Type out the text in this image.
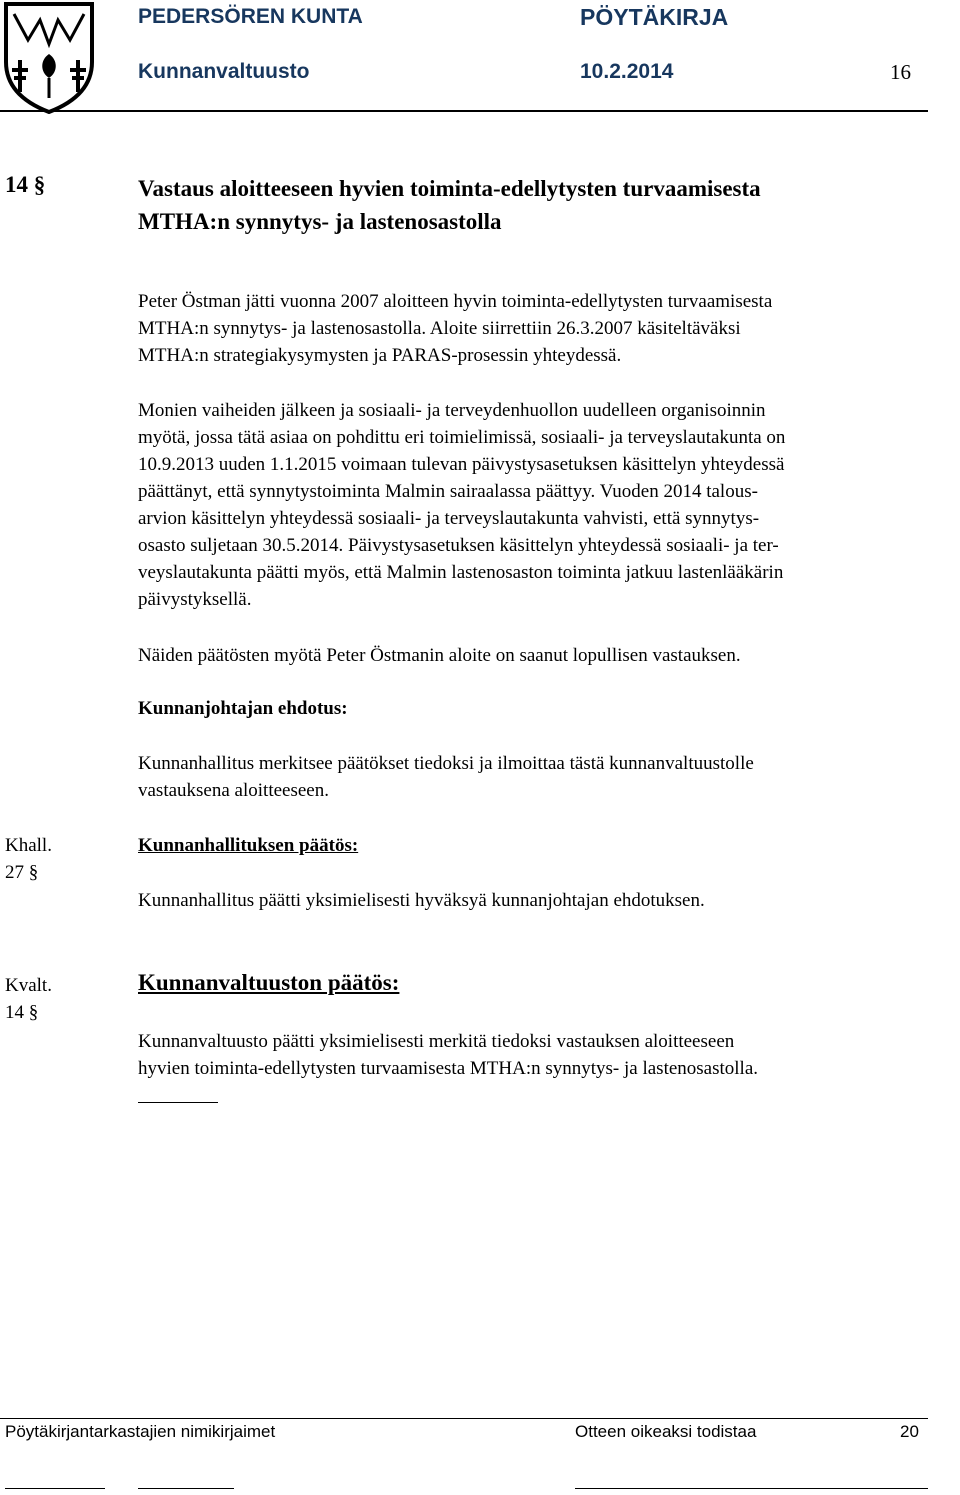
PEDERSÖREN KUNTA	PÖYTÄKIRJA
Kunnanvaltuusto	10.2.2014	16
14 §	Vastaus aloitteeseen hyvien toiminta-edellytysten turvaamisesta
MTHA:n synnytys- ja lastenosastolla
Peter Östman jätti vuonna 2007 aloitteen hyvin toiminta-edellytysten turvaamisesta
MTHA:n synnytys- ja lastenosastolla. Aloite siirrettiin 26.3.2007 käsiteltäväksi
MTHA:n strategiakysymysten ja PARAS-prosessin yhteydessä.
Monien vaiheiden jälkeen ja sosiaali- ja terveydenhuollon uudelleen organisoinnin
myötä, jossa tätä asiaa on pohdittu eri toimielimissä, sosiaali- ja terveyslautakunta on
10.9.2013 uuden 1.1.2015 voimaan tulevan päivystysasetuksen käsittelyn yhteydessä
päättänyt, että synnytystoiminta Malmin sairaalassa päättyy. Vuoden 2014 talous-
arvion käsittelyn yhteydessä sosiaali- ja terveyslautakunta vahvisti, että synnytys-
osasto suljetaan 30.5.2014. Päivystysasetuksen käsittelyn yhteydessä sosiaali- ja ter-
veyslautakunta päätti myös, että Malmin lastenosaston toiminta jatkuu lastenlääkärin
päivystyksellä.
Näiden päätösten myötä Peter Östmanin aloite on saanut lopullisen vastauksen.
Kunnanjohtajan ehdotus:
Kunnanhallitus merkitsee päätökset tiedoksi ja ilmoittaa tästä kunnanvaltuustolle
vastauksena aloitteeseen.
Khall.
27 §
Kunnanhallituksen päätös:
Kunnanhallitus päätti yksimielisesti hyväksyä kunnanjohtajan ehdotuksen.
Kvalt.
14 §
Kunnanvaltuuston päätös:
Kunnanvaltuusto päätti yksimielisesti merkitä tiedoksi vastauksen aloitteeseen
hyvien toiminta-edellytysten turvaamisesta MTHA:n synnytys- ja lastenosastolla.
Pöytäkirjantarkastajien nimikirjaimet	Otteen oikeaksi todistaa	20
